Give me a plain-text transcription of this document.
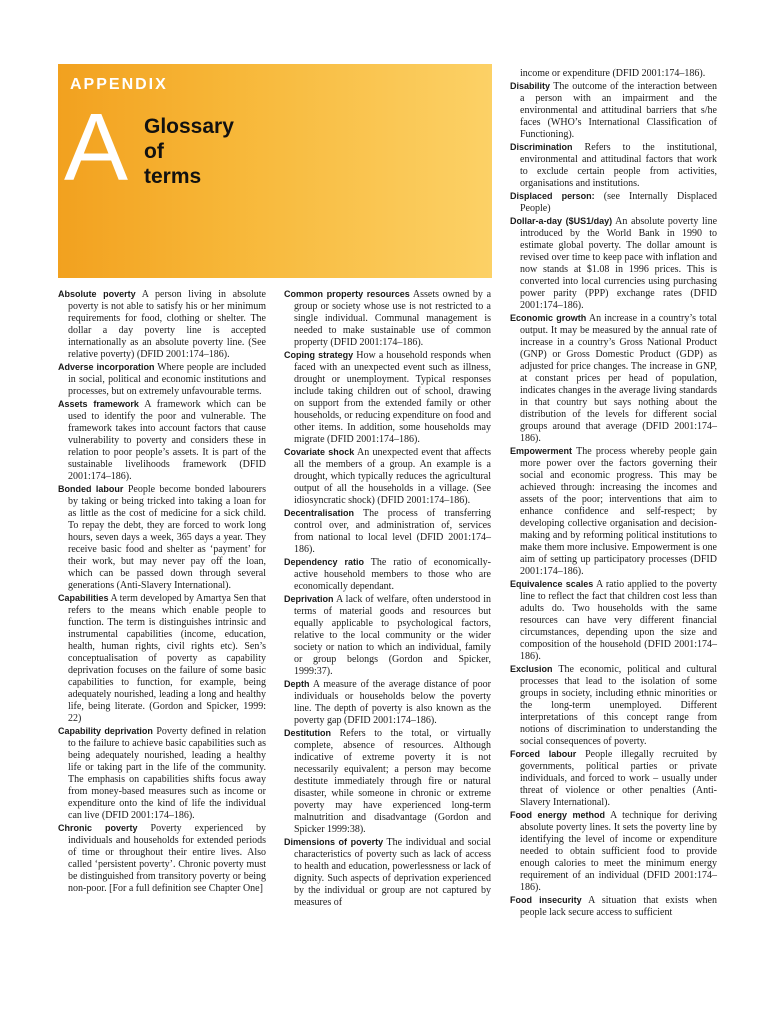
APPENDIX
A Glossary
of
terms

Absolute poverty A person living in absolute poverty is not able to satisfy his or her minimum requirements for food, clothing or shelter. The dollar a day poverty line is accepted internationally as an absolute poverty line. (See relative poverty) (DFID 2001:174–186).

Adverse incorporation Where people are included in social, political and economic institutions and processes, but on extremely unfavourable terms.

Assets framework A framework which can be used to identify the poor and vulnerable. The framework takes into account factors that cause vulnerability to poverty and considers these in relation to poor people’s assets. It is part of the sustainable livelihoods framework (DFID 2001:174–186).

Bonded labour People become bonded labourers by taking or being tricked into taking a loan for as little as the cost of medicine for a sick child. To repay the debt, they are forced to work long hours, seven days a week, 365 days a year. They receive basic food and shelter as ‘payment’ for their work, but may never pay off the loan, which can be passed down through several generations (Anti-Slavery International).

Capabilities A term developed by Amartya Sen that refers to the means which enable people to function. The term is distinguishes intrinsic and instrumental capabilities (income, education, health, human rights, civil rights etc). Sen’s conceptualisation of poverty as capability deprivation focuses on the failure of some basic capabilities to function, for example, being adequately nourished, leading a long and healthy life, being literate. (Gordon and Spicker, 1999: 22)

Capability deprivation Poverty defined in relation to the failure to achieve basic capabilities such as being adequately nourished, leading a healthy life or taking part in the life of the community. The emphasis on capabilities shifts focus away from money-based measures such as income or expenditure onto the kind of life the individual can live (DFID 2001:174–186).

Chronic poverty Poverty experienced by individuals and households for extended periods of time or throughout their entire lives. Also called ‘persistent poverty’. Chronic poverty must be distinguished from transitory poverty or being non-poor. [For a full definition see Chapter One]

Common property resources Assets owned by a group or society whose use is not restricted to a single individual. Communal management is needed to make sustainable use of common property (DFID 2001:174–186).

Coping strategy How a household responds when faced with an unexpected event such as illness, drought or unemployment. Typical responses include taking children out of school, drawing on support from the extended family or other households, or reducing expenditure on food and other items. In addition, some households may migrate (DFID 2001:174–186).

Covariate shock An unexpected event that affects all the members of a group. An example is a drought, which typically reduces the agricultural output of all the households in a village. (See idiosyncratic shock) (DFID 2001:174–186).

Decentralisation The process of transferring control over, and administration of, services from national to local level (DFID 2001:174–186).

Dependency ratio The ratio of economically-active household members to those who are economically dependant.

Deprivation A lack of welfare, often understood in terms of material goods and resources but equally applicable to psychological factors, relative to the local community or the wider society or nation to which an individual, family or group belongs (Gordon and Spicker, 1999:37).

Depth A measure of the average distance of poor individuals or households below the poverty line. The depth of poverty is also known as the poverty gap (DFID 2001:174–186).

Destitution Refers to the total, or virtually complete, absence of resources. Although indicative of extreme poverty it is not necessarily equivalent; a person may become destitute immediately through fire or natural disaster, while someone in chronic or extreme poverty may have experienced long-term malnutrition and disadvantage (Gordon and Spicker 1999:38).

Dimensions of poverty The individual and social characteristics of poverty such as lack of access to health and education, powerlessness or lack of dignity. Such aspects of deprivation experienced by the individual or group are not captured by measures of

income or expenditure (DFID 2001:174–186).

Disability The outcome of the interaction between a person with an impairment and the environmental and attitudinal barriers that s/he faces (WHO’s International Classification of Functioning).

Discrimination Refers to the institutional, environmental and attitudinal factors that work to exclude certain people from activities, organisations and institutions.

Displaced person: (see Internally Displaced People)

Dollar-a-day ($US1/day) An absolute poverty line introduced by the World Bank in 1990 to estimate global poverty. The dollar amount is revised over time to keep pace with inflation and now stands at $1.08 in 1996 prices. This is converted into local currencies using purchasing power parity (PPP) exchange rates (DFID 2001:174–186).

Economic growth An increase in a country’s total output. It may be measured by the annual rate of increase in a country’s Gross National Product (GNP) or Gross Domestic Product (GDP) as adjusted for price changes. The increase in GNP, at constant prices per head of population, indicates changes in the average living standards in that country but says nothing about the distribution of the levels for different social groups around that average (DFID 2001:174–186).

Empowerment The process whereby people gain more power over the factors governing their social and economic progress. This may be achieved through: increasing the incomes and assets of the poor; interventions that aim to enhance confidence and self-respect; by developing collective organisation and decision-making and by reforming political institutions to make them more inclusive. Empowerment is one aim of setting up participatory processes (DFID 2001:174–186).

Equivalence scales A ratio applied to the poverty line to reflect the fact that children cost less than adults do. Two households with the same resources can have very different financial circumstances, depending upon the size and composition of the household (DFID 2001:174–186).

Exclusion The economic, political and cultural processes that lead to the isolation of some groups in society, including ethnic minorities or the long-term unemployed. Different interpretations of this concept range from notions of discrimination to understanding the social consequences of poverty.

Forced labour People illegally recruited by governments, political parties or private individuals, and forced to work – usually under threat of violence or other penalties (Anti-Slavery International).

Food energy method A technique for deriving absolute poverty lines. It sets the poverty line by identifying the level of income or expenditure needed to obtain sufficient food to provide enough calories to meet the minimum energy requirement of an individual (DFID 2001:174–186).

Food insecurity A situation that exists when people lack secure access to sufficient
